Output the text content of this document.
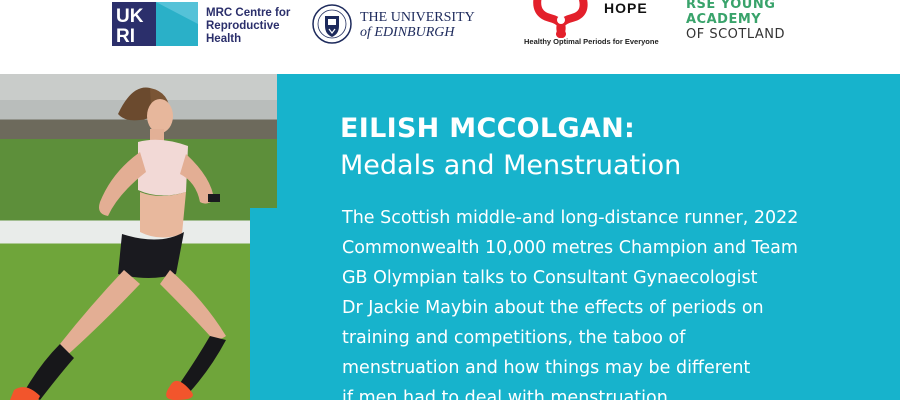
UK
RI
MRC Centre for
Reproductive
Health
THE UNIVERSITY
of EDINBURGH
HOPE
Healthy Optimal Periods for Everyone
RSE YOUNG
ACADEMY
OF SCOTLAND
EILISH MCCOLGAN:
Medals and Menstruation
The Scottish middle-and long-distance runner, 2022
Commonwealth 10,000 metres Champion and Team
GB Olympian talks to Consultant Gynaecologist
Dr Jackie Maybin about the effects of periods on
training and competitions, the taboo of
menstruation and how things may be different
if men had to deal with menstruation
